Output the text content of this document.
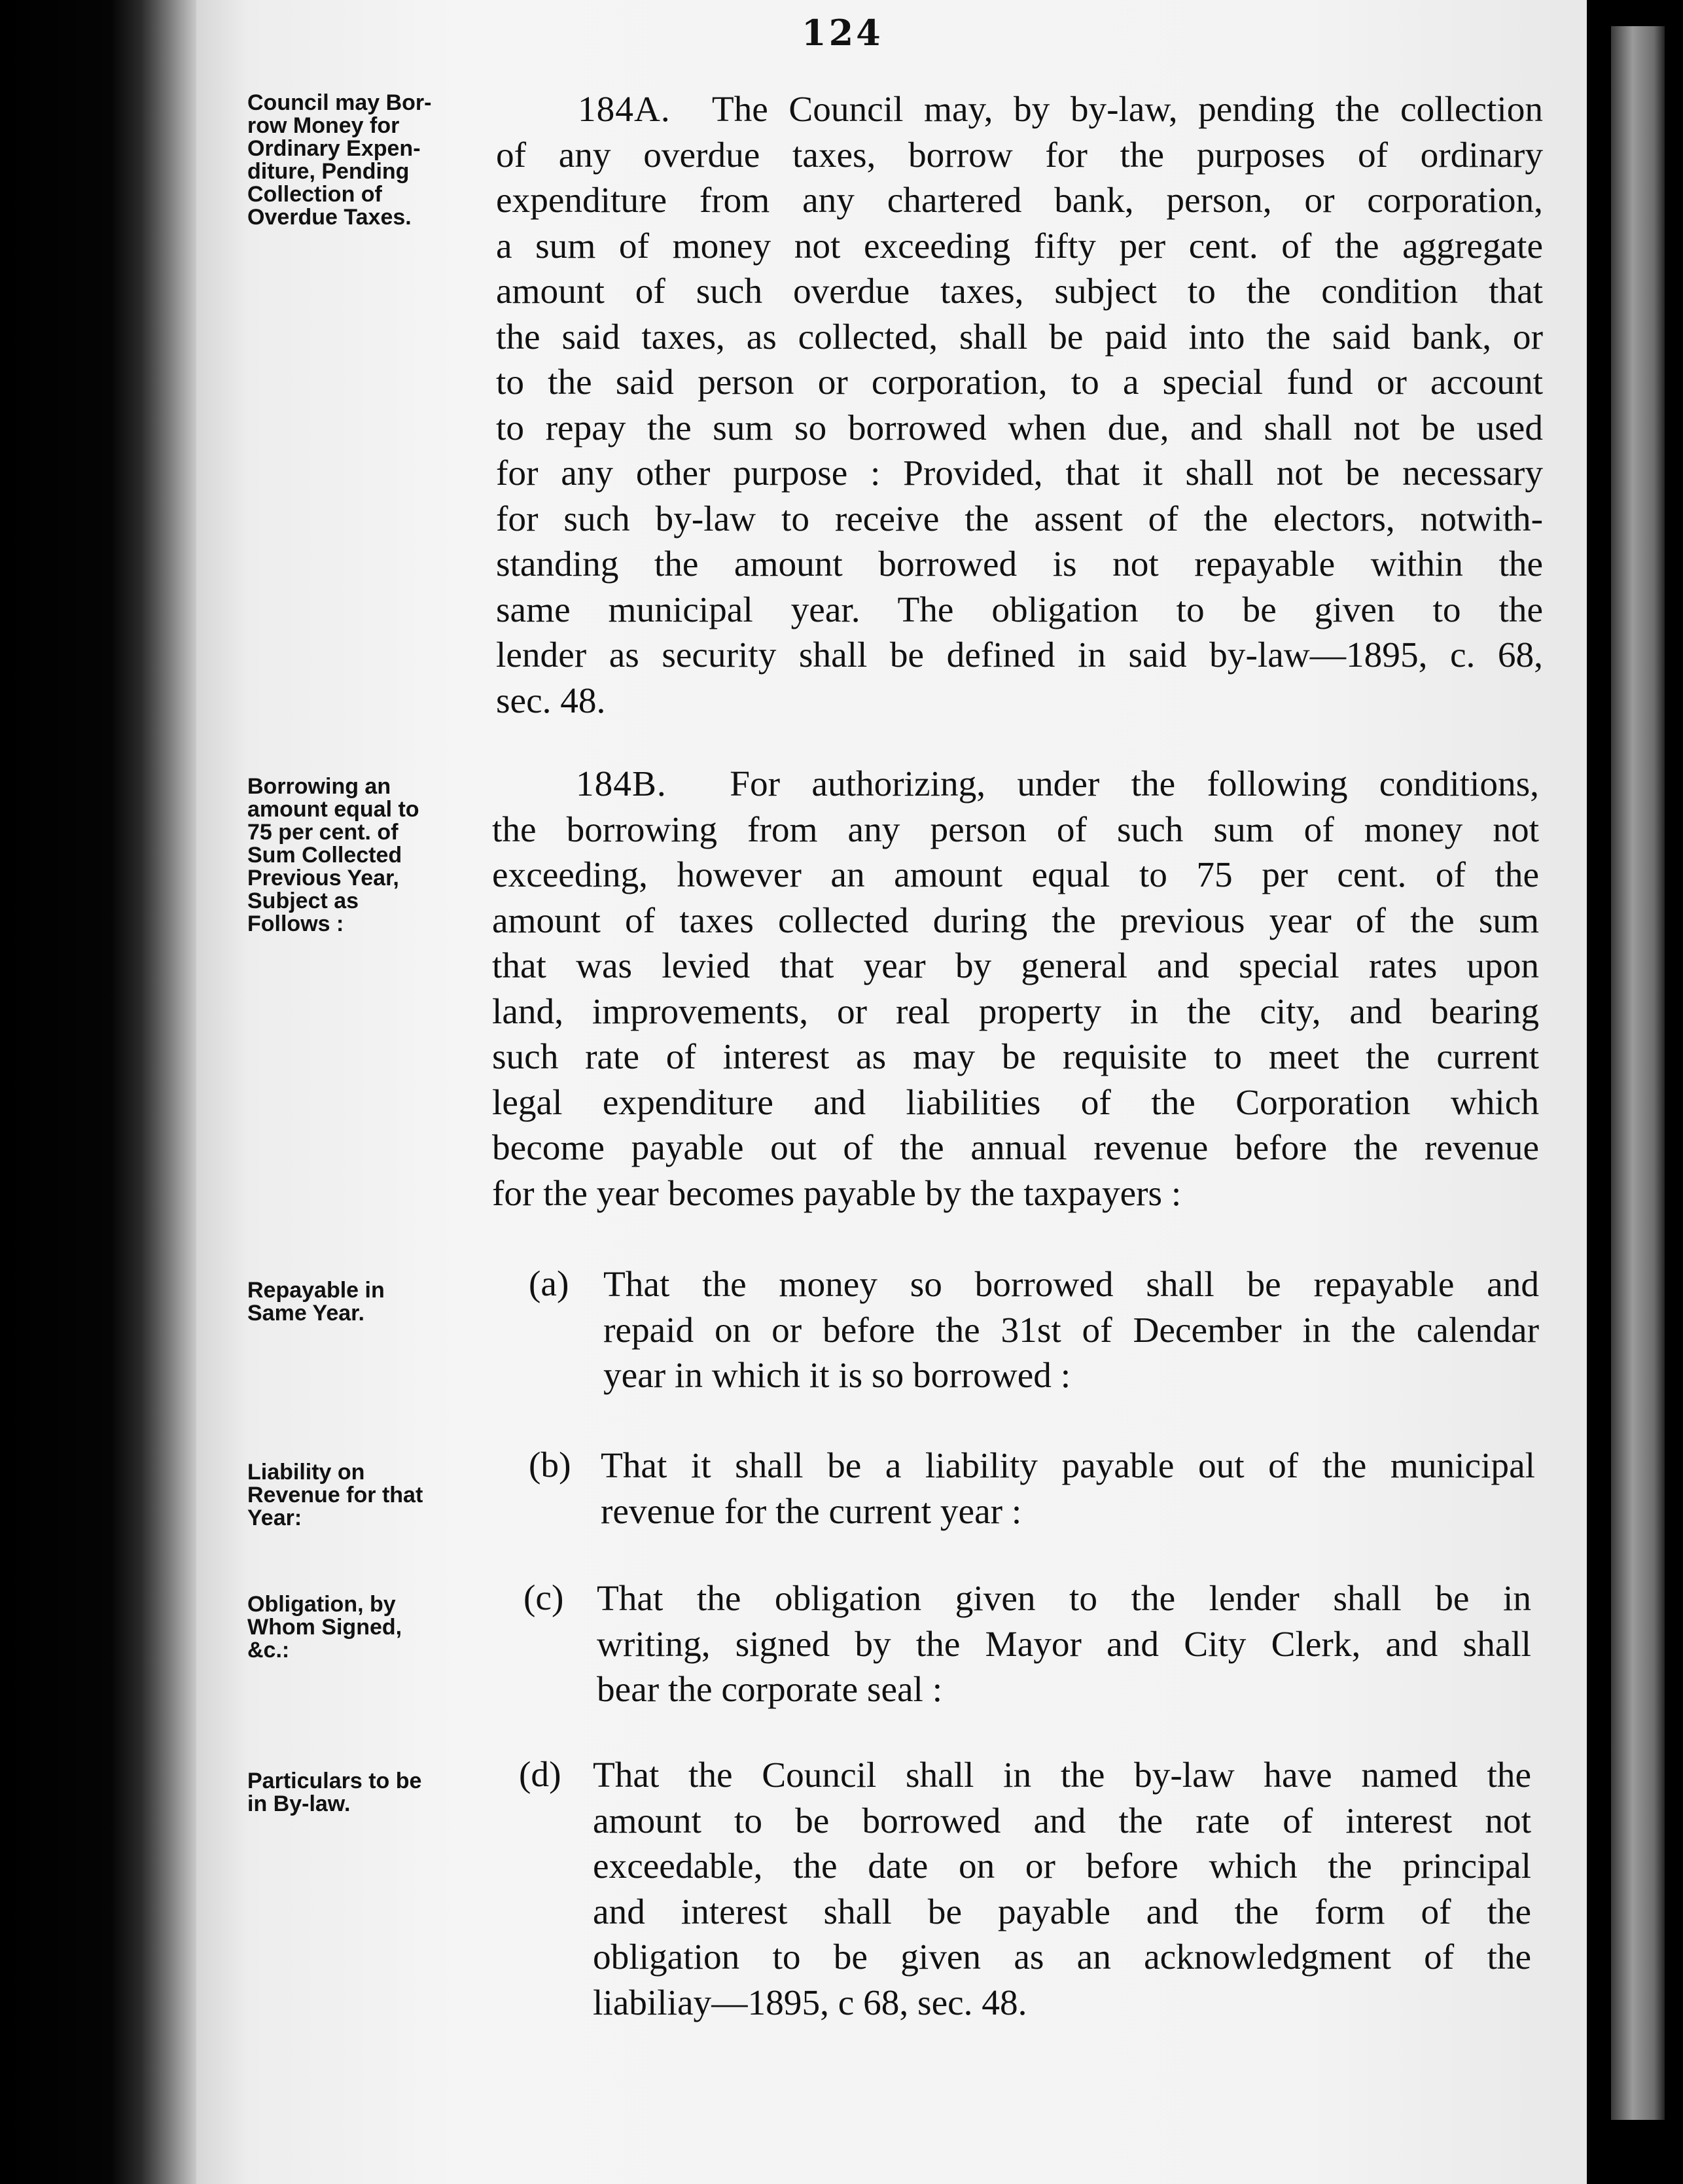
124
Council may Bor-
row Money for
Ordinary Expen-
diture, Pending
Collection of
Overdue Taxes.
184A. The Council may, by by-law, pending the collection
of any overdue taxes, borrow for the purposes of ordinary
expenditure from any chartered bank, person, or corporation,
a sum of money not exceeding fifty per cent. of the aggregate
amount of such overdue taxes, subject to the condition that
the said taxes, as collected, shall be paid into the said bank, or
to the said person or corporation, to a special fund or account
to repay the sum so borrowed when due, and shall not be used
for any other purpose : Provided, that it shall not be necessary
for such by-law to receive the assent of the electors, notwith-
standing the amount borrowed is not repayable within the
same municipal year. The obligation to be given to the
lender as security shall be defined in said by-law—1895, c. 68,
sec. 48.
Borrowing an
amount equal to
75 per cent. of
Sum Collected
Previous Year,
Subject as
Follows :
184B. For authorizing, under the following conditions,
the borrowing from any person of such sum of money not
exceeding, however an amount equal to 75 per cent. of the
amount of taxes collected during the previous year of the sum
that was levied that year by general and special rates upon
land, improvements, or real property in the city, and bearing
such rate of interest as may be requisite to meet the current
legal expenditure and liabilities of the Corporation which
become payable out of the annual revenue before the revenue
for the year becomes payable by the taxpayers :
Repayable in
Same Year.
(a) That the money so borrowed shall be repayable and
repaid on or before the 31st of December in the calendar
year in which it is so borrowed :
Liability on
Revenue for that
Year:
(b) That it shall be a liability payable out of the municipal
revenue for the current year :
Obligation, by
Whom Signed,
&c.:
(c) That the obligation given to the lender shall be in
writing, signed by the Mayor and City Clerk, and shall
bear the corporate seal :
Particulars to be
in By-law.
(d) That the Council shall in the by-law have named the
amount to be borrowed and the rate of interest not
exceedable, the date on or before which the principal
and interest shall be payable and the form of the
obligation to be given as an acknowledgment of the
liabiliay—1895, c 68, sec. 48.
